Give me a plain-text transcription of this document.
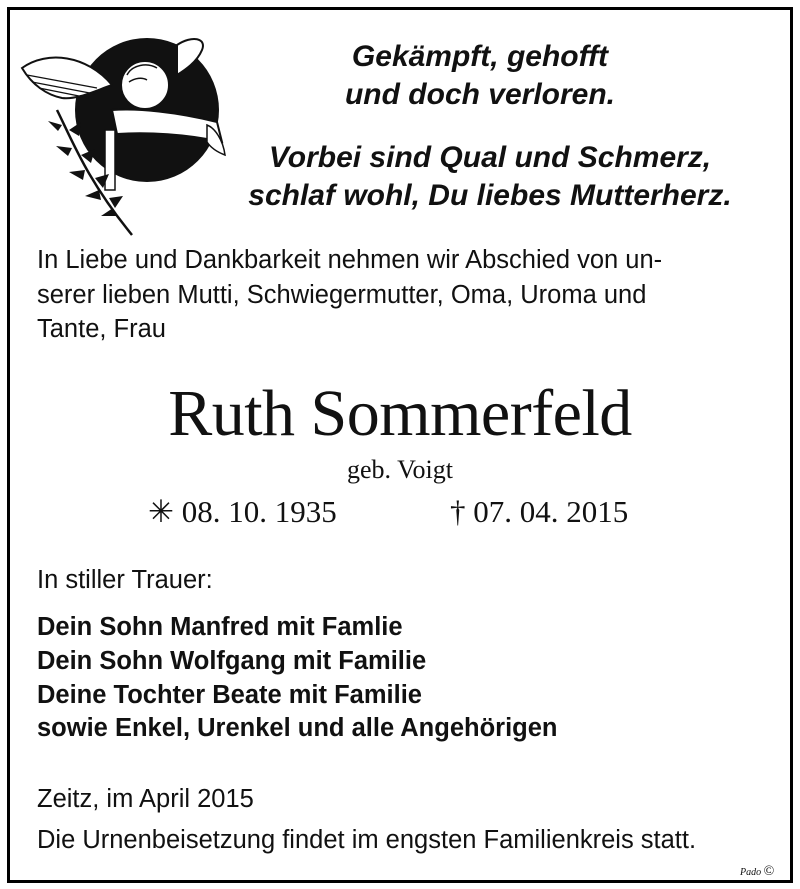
Gekämpft, gehofft
und doch verloren.
Vorbei sind Qual und Schmerz,
schlaf wohl, Du liebes Mutterherz.
In Liebe und Dankbarkeit nehmen wir Abschied von un-
serer lieben Mutti, Schwiegermutter, Oma, Uroma und
Tante, Frau
Ruth Sommerfeld
geb. Voigt
✳ 08. 10. 1935	† 07. 04. 2015
In stiller Trauer:
Dein Sohn Manfred mit Famlie
Dein Sohn Wolfgang mit Familie
Deine Tochter Beate mit Familie
sowie Enkel, Urenkel und alle Angehörigen
Zeitz, im April 2015
Die Urnenbeisetzung findet im engsten Familienkreis statt.
Pado ©
